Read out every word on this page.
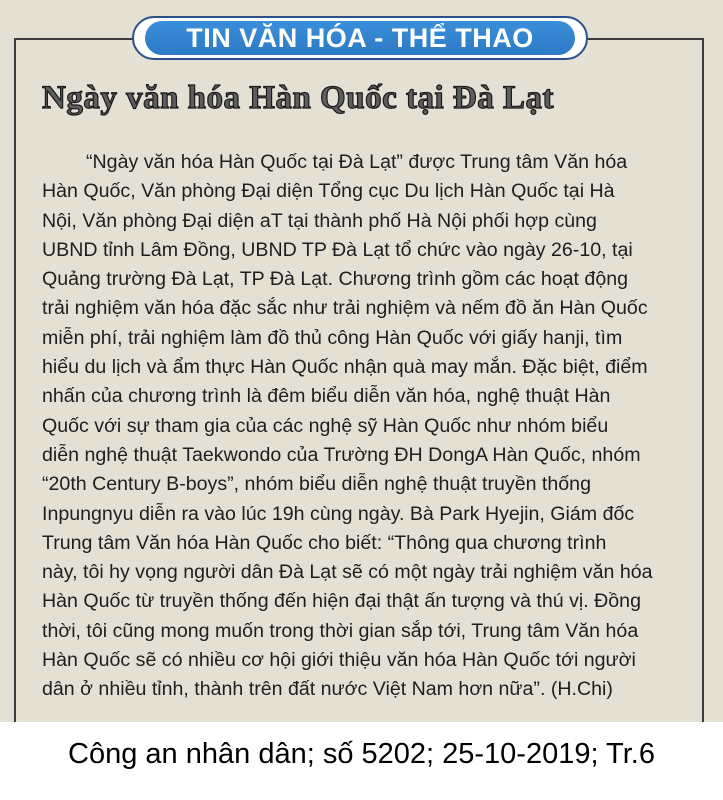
TIN VĂN HÓA - THỂ THAO
Ngày văn hóa Hàn Quốc tại Đà Lạt
“Ngày văn hóa Hàn Quốc tại Đà Lạt” được Trung tâm Văn hóa
Hàn Quốc, Văn phòng Đại diện Tổng cục Du lịch Hàn Quốc tại Hà
Nội, Văn phòng Đại diện aT tại thành phố Hà Nội phối hợp cùng
UBND tỉnh Lâm Đồng, UBND TP Đà Lạt tổ chức vào ngày 26-10, tại
Quảng trường Đà Lạt, TP Đà Lạt. Chương trình gồm các hoạt động
trải nghiệm văn hóa đặc sắc như trải nghiệm và nếm đồ ăn Hàn Quốc
miễn phí, trải nghiệm làm đồ thủ công Hàn Quốc với giấy hanji, tìm
hiểu du lịch và ẩm thực Hàn Quốc nhận quà may mắn. Đặc biệt, điểm
nhấn của chương trình là đêm biểu diễn văn hóa, nghệ thuật Hàn
Quốc với sự tham gia của các nghệ sỹ Hàn Quốc như nhóm biểu
diễn nghệ thuật Taekwondo của Trường ĐH DongA Hàn Quốc, nhóm
“20th Century B-boys”, nhóm biểu diễn nghệ thuật truyền thống
Inpungnyu diễn ra vào lúc 19h cùng ngày. Bà Park Hyejin, Giám đốc
Trung tâm Văn hóa Hàn Quốc cho biết: “Thông qua chương trình
này, tôi hy vọng người dân Đà Lạt sẽ có một ngày trải nghiệm văn hóa
Hàn Quốc từ truyền thống đến hiện đại thật ấn tượng và thú vị. Đồng
thời, tôi cũng mong muốn trong thời gian sắp tới, Trung tâm Văn hóa
Hàn Quốc sẽ có nhiều cơ hội giới thiệu văn hóa Hàn Quốc tới người
dân ở nhiều tỉnh, thành trên đất nước Việt Nam hơn nữa”. (H.Chi)
Công an nhân dân; số 5202; 25-10-2019; Tr.6
